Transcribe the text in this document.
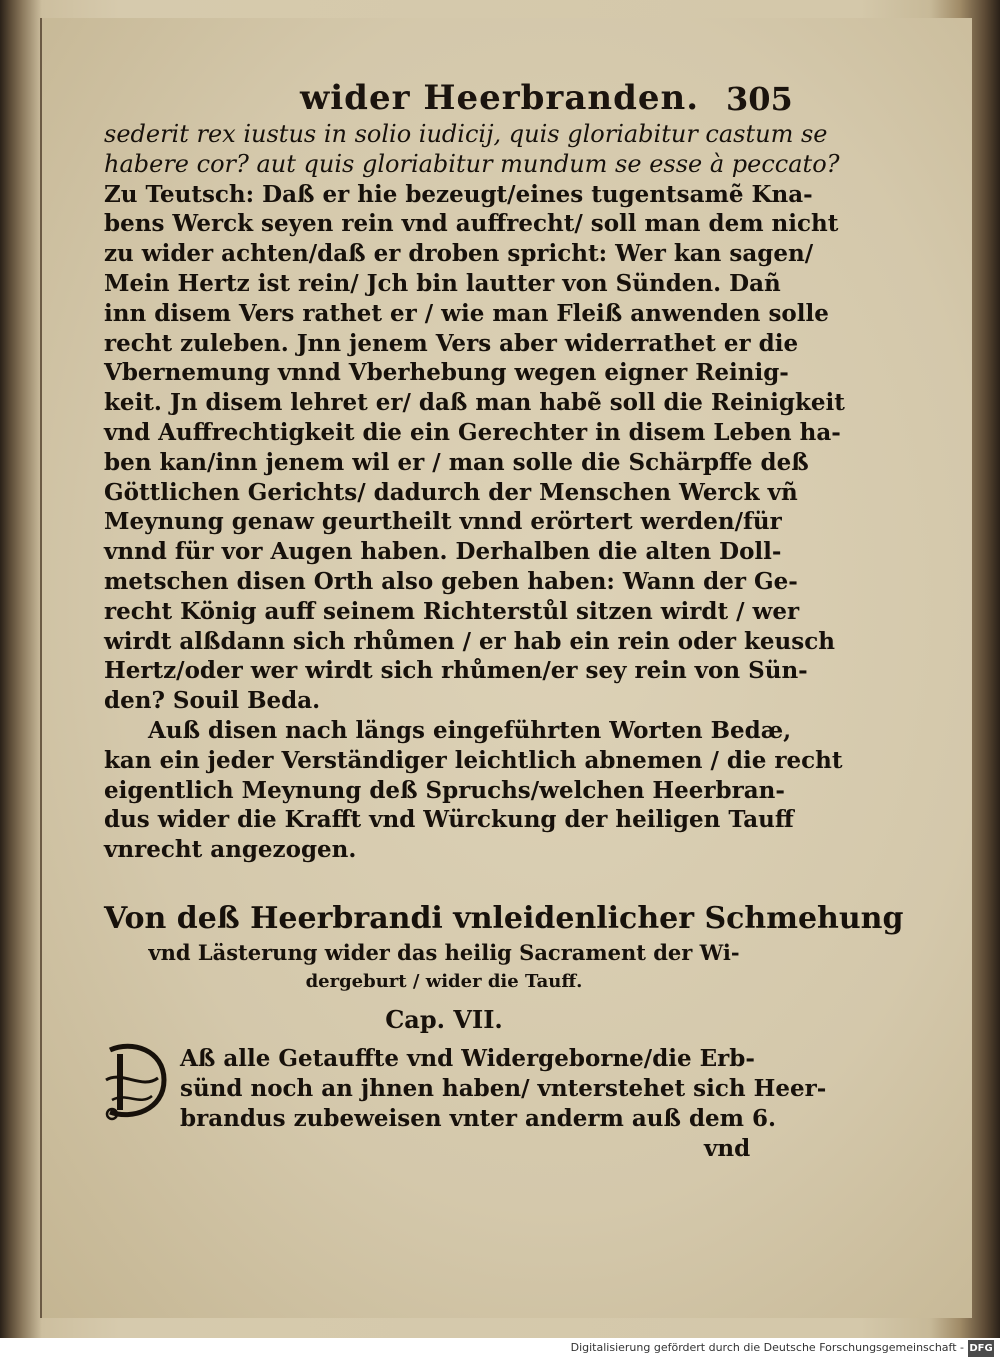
wider Heerbranden. 305
sederit rex iustus in solio iudicij, quis gloriabitur castum se
habere cor? aut quis gloriabitur mundum se esse à peccato?
Zu Teutsch: Daß er hie bezeugt/eines tugentsamẽ Kna-
bens Werck seyen rein vnd auffrecht/ soll man dem nicht
zu wider achten/daß er droben spricht: Wer kan sagen/
Mein Hertz ist rein/ Jch bin lautter von Sünden. Dañ
inn disem Vers rathet er / wie man Fleiß anwenden solle
recht zuleben. Jnn jenem Vers aber widerrathet er die
Vbernemung vnnd Vberhebung wegen eigner Reinig-
keit. Jn disem lehret er/ daß man habẽ soll die Reinigkeit
vnd Auffrechtigkeit die ein Gerechter in disem Leben ha-
ben kan/inn jenem wil er / man solle die Schärpffe deß
Göttlichen Gerichts/ dadurch der Menschen Werck vñ
Meynung genaw geurtheilt vnnd erörtert werden/für
vnnd für vor Augen haben. Derhalben die alten Doll-
metschen disen Orth also geben haben: Wann der Ge-
recht König auff seinem Richterstůl sitzen wirdt / wer
wirdt alßdann sich rhůmen / er hab ein rein oder keusch
Hertz/oder wer wirdt sich rhůmen/er sey rein von Sün-
den? Souil Beda.
Auß disen nach längs eingeführten Worten Bedæ,
kan ein jeder Verständiger leichtlich abnemen / die recht
eigentlich Meynung deß Spruchs/welchen Heerbran-
dus wider die Krafft vnd Würckung der heiligen Tauff
vnrecht angezogen.
Von deß Heerbrandi vnleidenlicher Schmehung
vnd Lästerung wider das heilig Sacrament der Wi-
dergeburt / wider die Tauff.
Cap. VII.
Aß alle Getauffte vnd Widergeborne/die Erb-
sünd noch an jhnen haben/ vnterstehet sich Heer-
brandus zubeweisen vnter anderm auß dem 6.
vnd
Digitalisierung gefördert durch die Deutsche Forschungsgemeinschaft - DFG
